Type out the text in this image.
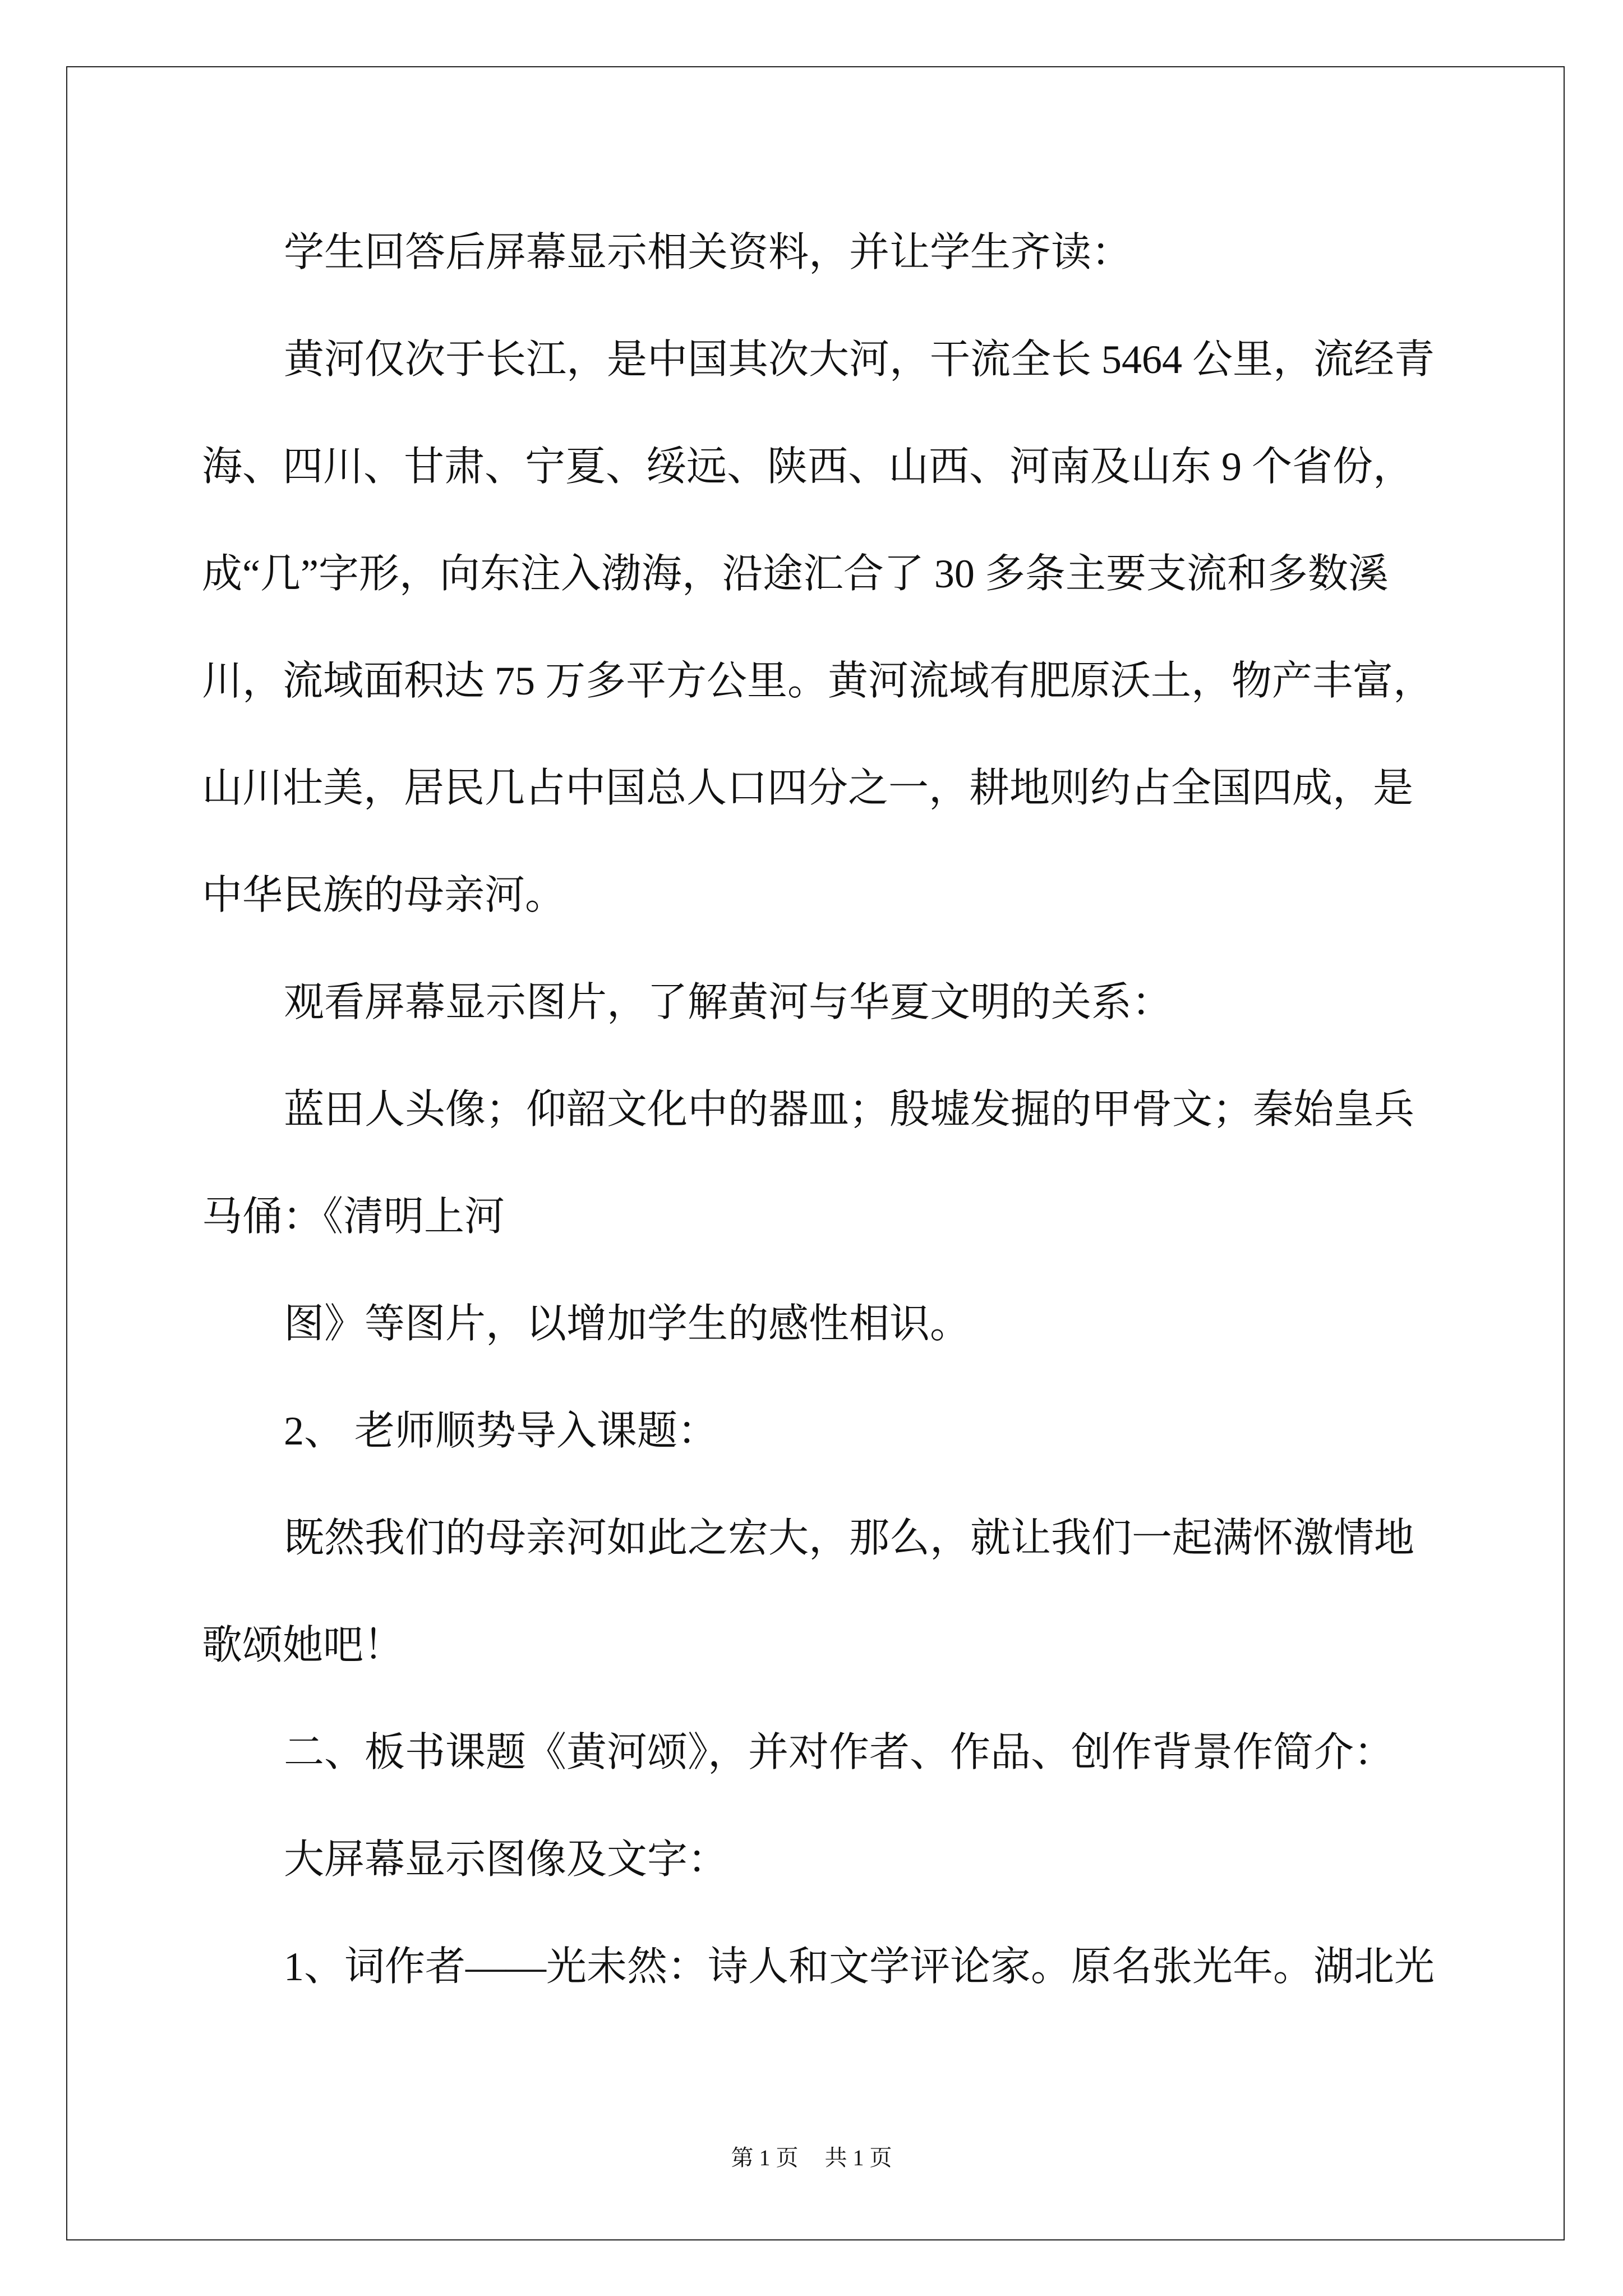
学生回答后屏幕显示相关资料，并让学生齐读：
黄河仅次于长江，是中国其次大河，干流全长 5464 公里，流经青
海、四川、甘肃、宁夏、绥远、陕西、山西、河南及山东 9 个省份，
成“几”字形，向东注入渤海，沿途汇合了 30 多条主要支流和多数溪
川，流域面积达 75 万多平方公里。黄河流域有肥原沃土，物产丰富，
山川壮美，居民几占中国总人口四分之一，耕地则约占全国四成，是
中华民族的母亲河。
观看屏幕显示图片，了解黄河与华夏文明的关系：
蓝田人头像；仰韶文化中的器皿；殷墟发掘的甲骨文；秦始皇兵
马俑：《清明上河
图》等图片，以增加学生的感性相识。
2、 老师顺势导入课题：
既然我们的母亲河如此之宏大，那么，就让我们一起满怀激情地
歌颂她吧！
二、板书课题《黄河颂》，并对作者、作品、创作背景作简介：
大屏幕显示图像及文字：
1、词作者——光未然：诗人和文学评论家。原名张光年。湖北光
第 1 页 共 1 页
